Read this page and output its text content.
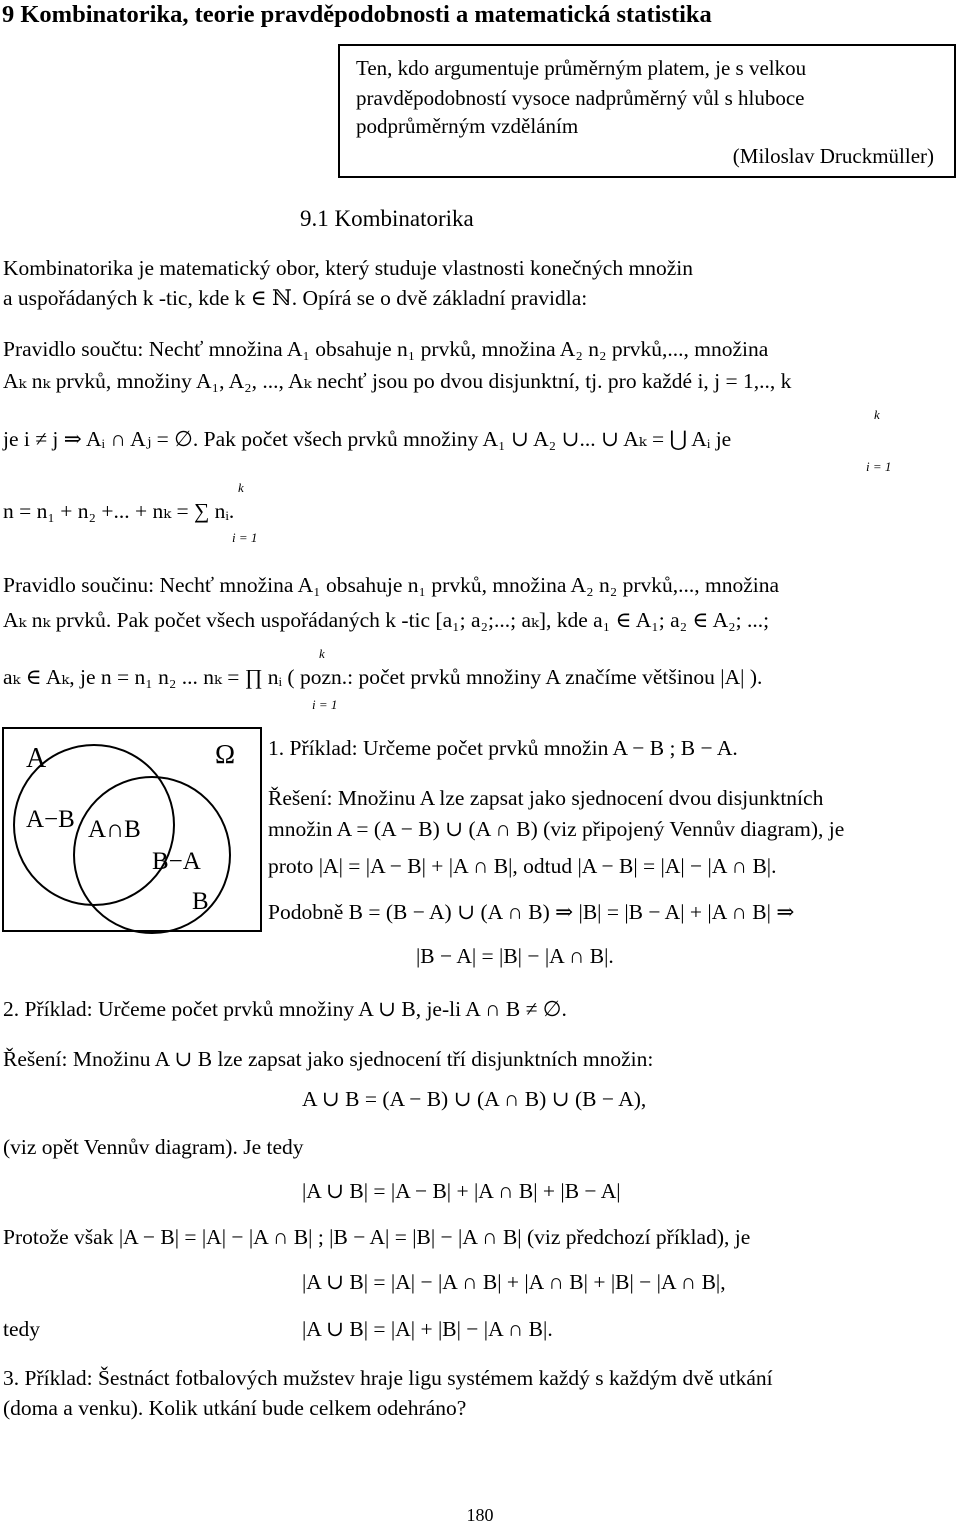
9 Kombinatorika, teorie pravděpodobnosti a matematická statistika
Ten, kdo argumentuje průměrným platem, je s velkou
pravděpodobností vysoce nadprůměrný vůl s hluboce
podprůměrným vzděláním
(Miloslav Druckmüller)
9.1 Kombinatorika
Kombinatorika je matematický obor, který studuje vlastnosti konečných množin
a uspořádaných k -tic, kde k ∈ ℕ. Opírá se o dvě základní pravidla:
Pravidlo součtu: Nechť množina A₁ obsahuje n₁ prvků, množina A₂ n₂ prvků,..., množina
Aₖ nₖ prvků, množiny A₁, A₂, ..., Aₖ nechť jsou po dvou disjunktní, tj. pro každé i, j = 1,.., k
k
je i ≠ j ⇒ Aᵢ ∩ Aⱼ = ∅. Pak počet všech prvků množiny A₁ ∪ A₂ ∪... ∪ Aₖ = ⋃ Aᵢ je
i = 1
k
n = n₁ + n₂ +... + nₖ = ∑ nᵢ.
i = 1
Pravidlo součinu: Nechť množina A₁ obsahuje n₁ prvků, množina A₂ n₂ prvků,..., množina
Aₖ nₖ prvků. Pak počet všech uspořádaných k -tic [a₁; a₂;...; aₖ], kde a₁ ∈ A₁; a₂ ∈ A₂; ...;
k
aₖ ∈ Aₖ, je n = n₁ n₂ ... nₖ = ∏ nᵢ ( pozn.: počet prvků množiny A značíme většinou |A| ).
i = 1
Ω
A
A−B A∩B
B−A
B
1. Příklad: Určeme počet prvků množin A − B ; B − A.
Řešení: Množinu A lze zapsat jako sjednocení dvou disjunktních
množin A = (A − B) ∪ (A ∩ B) (viz připojený Vennův diagram), je
proto |A| = |A − B| + |A ∩ B|, odtud |A − B| = |A| − |A ∩ B|.
Podobně B = (B − A) ∪ (A ∩ B) ⇒ |B| = |B − A| + |A ∩ B| ⇒
|B − A| = |B| − |A ∩ B|.
2. Příklad: Určeme počet prvků množiny A ∪ B, je-li A ∩ B ≠ ∅.
Řešení: Množinu A ∪ B lze zapsat jako sjednocení tří disjunktních množin:
A ∪ B = (A − B) ∪ (A ∩ B) ∪ (B − A),
(viz opět Vennův diagram). Je tedy
|A ∪ B| = |A − B| + |A ∩ B| + |B − A|
Protože však |A − B| = |A| − |A ∩ B| ; |B − A| = |B| − |A ∩ B| (viz předchozí příklad), je
|A ∪ B| = |A| − |A ∩ B| + |A ∩ B| + |B| − |A ∩ B|,
tedy	|A ∪ B| = |A| + |B| − |A ∩ B|.
3. Příklad: Šestnáct fotbalových mužstev hraje ligu systémem každý s každým dvě utkání
(doma a venku). Kolik utkání bude celkem odehráno?
180
